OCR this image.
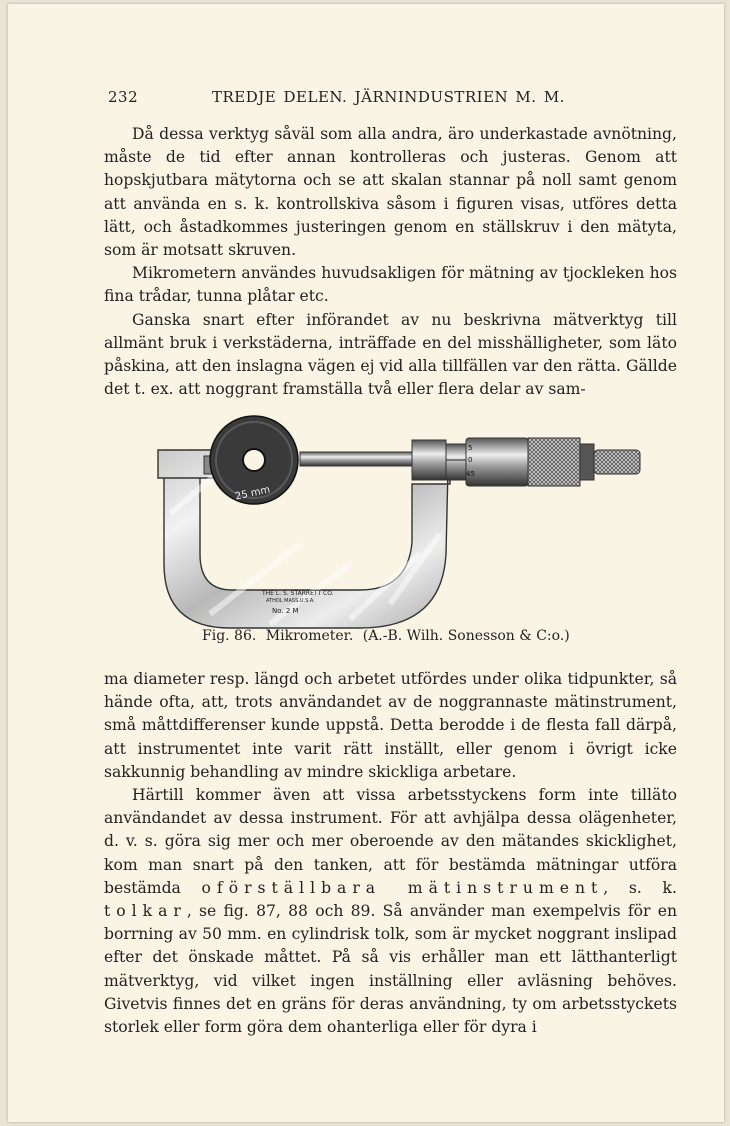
232	TREDJE DELEN. JÄRNINDUSTRIEN M. M.

Då dessa verktyg såväl som alla andra, äro underkastade avnötning, måste de tid efter annan kontrolleras och justeras. Genom att hopskjutbara mätytorna och se att skalan stannar på noll samt genom att använda en s. k. kontrollskiva såsom i figuren visas, utföres detta lätt, och åstadkommes justeringen genom en ställskruv i den mätyta, som är motsatt skruven.

Mikrometern användes huvudsakligen för mätning av tjockleken hos fina trådar, tunna plåtar etc.

Ganska snart efter införandet av nu beskrivna mätverktyg till allmänt bruk i verkstäderna, inträffade en del misshälligheter, som läto påskina, att den inslagna vägen ej vid alla tillfällen var den rätta. Gällde det t. ex. att noggrant framställa två eller flera delar av sam-

25 mm
5
0
45
THE L. S. STARRETT CO.
ATHOL MASS.U.S.A.
No. 2 M
Fig. 86. Mikrometer. (A.-B. Wilh. Sonesson & C:o.)

ma diameter resp. längd och arbetet utfördes under olika tidpunkter, så hände ofta, att, trots användandet av de noggrannaste mätinstrument, små måttdifferenser kunde uppstå. Detta berodde i de flesta fall därpå, att instrumentet inte varit rätt inställt, eller genom i övrigt icke sakkunnig behandling av mindre skickliga arbetare.

Härtill kommer även att vissa arbetsstyckens form inte tilläto användandet av dessa instrument. För att avhjälpa dessa olägenheter, d. v. s. göra sig mer och mer oberoende av den mätandes skicklighet, kom man snart på den tanken, att för bestämda mätningar utföra bestämda oförställbara mätinstrument, s. k. tolkar, se fig. 87, 88 och 89. Så använder man exempelvis för en borrning av 50 mm. en cylindrisk tolk, som är mycket noggrant inslipad efter det önskade måttet. På så vis erhåller man ett lätthanterligt mätverktyg, vid vilket ingen inställning eller avläsning behöves. Givetvis finnes det en gräns för deras användning, ty om arbetsstyckets storlek eller form göra dem ohanterliga eller för dyra i
